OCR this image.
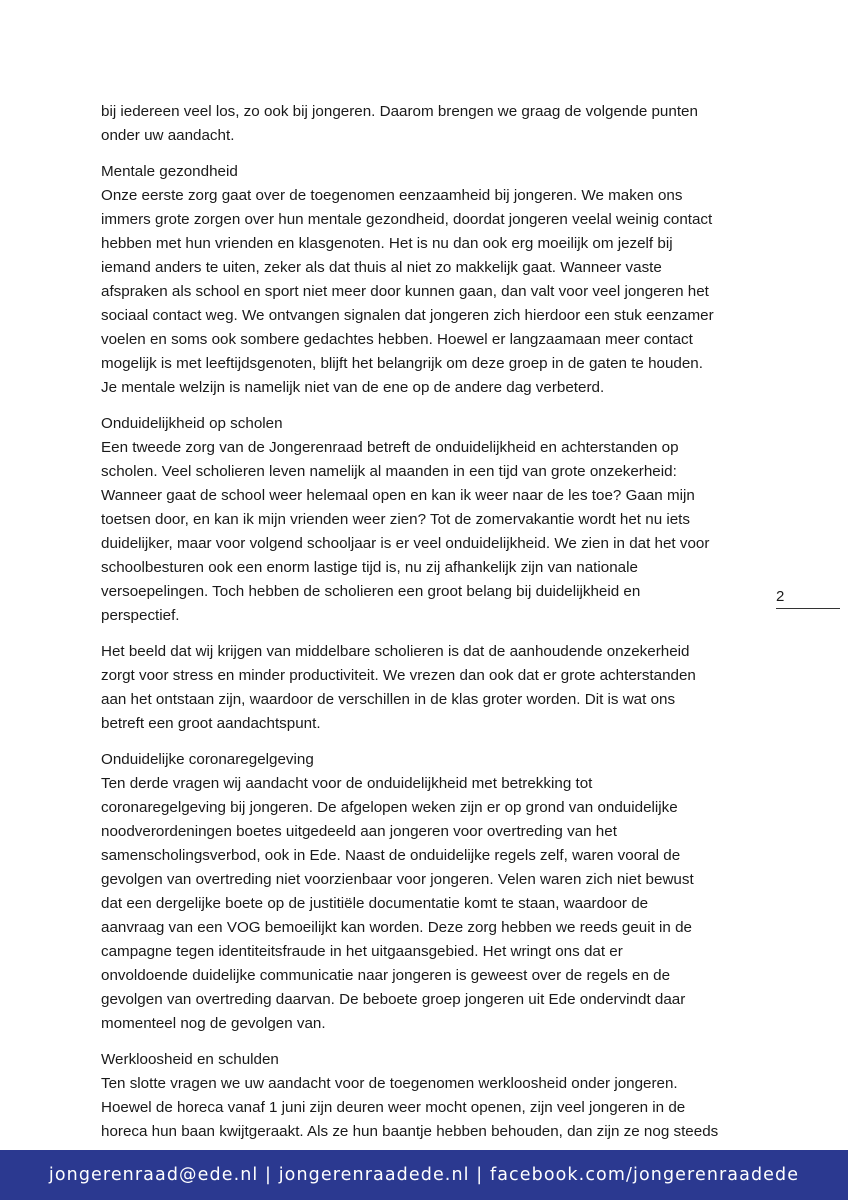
bij iedereen veel los, zo ook bij jongeren. Daarom brengen we graag de volgende punten
onder uw aandacht.
Mentale gezondheid
Onze eerste zorg gaat over de toegenomen eenzaamheid bij jongeren. We maken ons
immers grote zorgen over hun mentale gezondheid, doordat jongeren veelal weinig contact
hebben met hun vrienden en klasgenoten. Het is nu dan ook erg moeilijk om jezelf bij
iemand anders te uiten, zeker als dat thuis al niet zo makkelijk gaat. Wanneer vaste
afspraken als school en sport niet meer door kunnen gaan, dan valt voor veel jongeren het
sociaal contact weg. We ontvangen signalen dat jongeren zich hierdoor een stuk eenzamer
voelen en soms ook sombere gedachtes hebben. Hoewel er langzaamaan meer contact
mogelijk is met leeftijdsgenoten, blijft het belangrijk om deze groep in de gaten te houden.
Je mentale welzijn is namelijk niet van de ene op de andere dag verbeterd.
Onduidelijkheid op scholen
Een tweede zorg van de Jongerenraad betreft de onduidelijkheid en achterstanden op
scholen. Veel scholieren leven namelijk al maanden in een tijd van grote onzekerheid:
Wanneer gaat de school weer helemaal open en kan ik weer naar de les toe? Gaan mijn
toetsen door, en kan ik mijn vrienden weer zien? Tot de zomervakantie wordt het nu iets
duidelijker, maar voor volgend schooljaar is er veel onduidelijkheid. We zien in dat het voor
schoolbesturen ook een enorm lastige tijd is, nu zij afhankelijk zijn van nationale
versoepelingen. Toch hebben de scholieren een groot belang bij duidelijkheid en
perspectief.
Het beeld dat wij krijgen van middelbare scholieren is dat de aanhoudende onzekerheid
zorgt voor stress en minder productiviteit. We vrezen dan ook dat er grote achterstanden
aan het ontstaan zijn, waardoor de verschillen in de klas groter worden. Dit is wat ons
betreft een groot aandachtspunt.
Onduidelijke coronaregelgeving
Ten derde vragen wij aandacht voor de onduidelijkheid met betrekking tot
coronaregelgeving bij jongeren. De afgelopen weken zijn er op grond van onduidelijke
noodverordeningen boetes uitgedeeld aan jongeren voor overtreding van het
samenscholingsverbod, ook in Ede. Naast de onduidelijke regels zelf, waren vooral de
gevolgen van overtreding niet voorzienbaar voor jongeren. Velen waren zich niet bewust
dat een dergelijke boete op de justitiële documentatie komt te staan, waardoor de
aanvraag van een VOG bemoeilijkt kan worden. Deze zorg hebben we reeds geuit in de
campagne tegen identiteitsfraude in het uitgaansgebied. Het wringt ons dat er
onvoldoende duidelijke communicatie naar jongeren is geweest over de regels en de
gevolgen van overtreding daarvan. De beboete groep jongeren uit Ede ondervindt daar
momenteel nog de gevolgen van.
Werkloosheid en schulden
Ten slotte vragen we uw aandacht voor de toegenomen werkloosheid onder jongeren.
Hoewel de horeca vanaf 1 juni zijn deuren weer mocht openen, zijn veel jongeren in de
horeca hun baan kwijtgeraakt. Als ze hun baantje hebben behouden, dan zijn ze nog steeds
2
jongerenraad@ede.nl | jongerenraadede.nl | facebook.com/jongerenraadede
